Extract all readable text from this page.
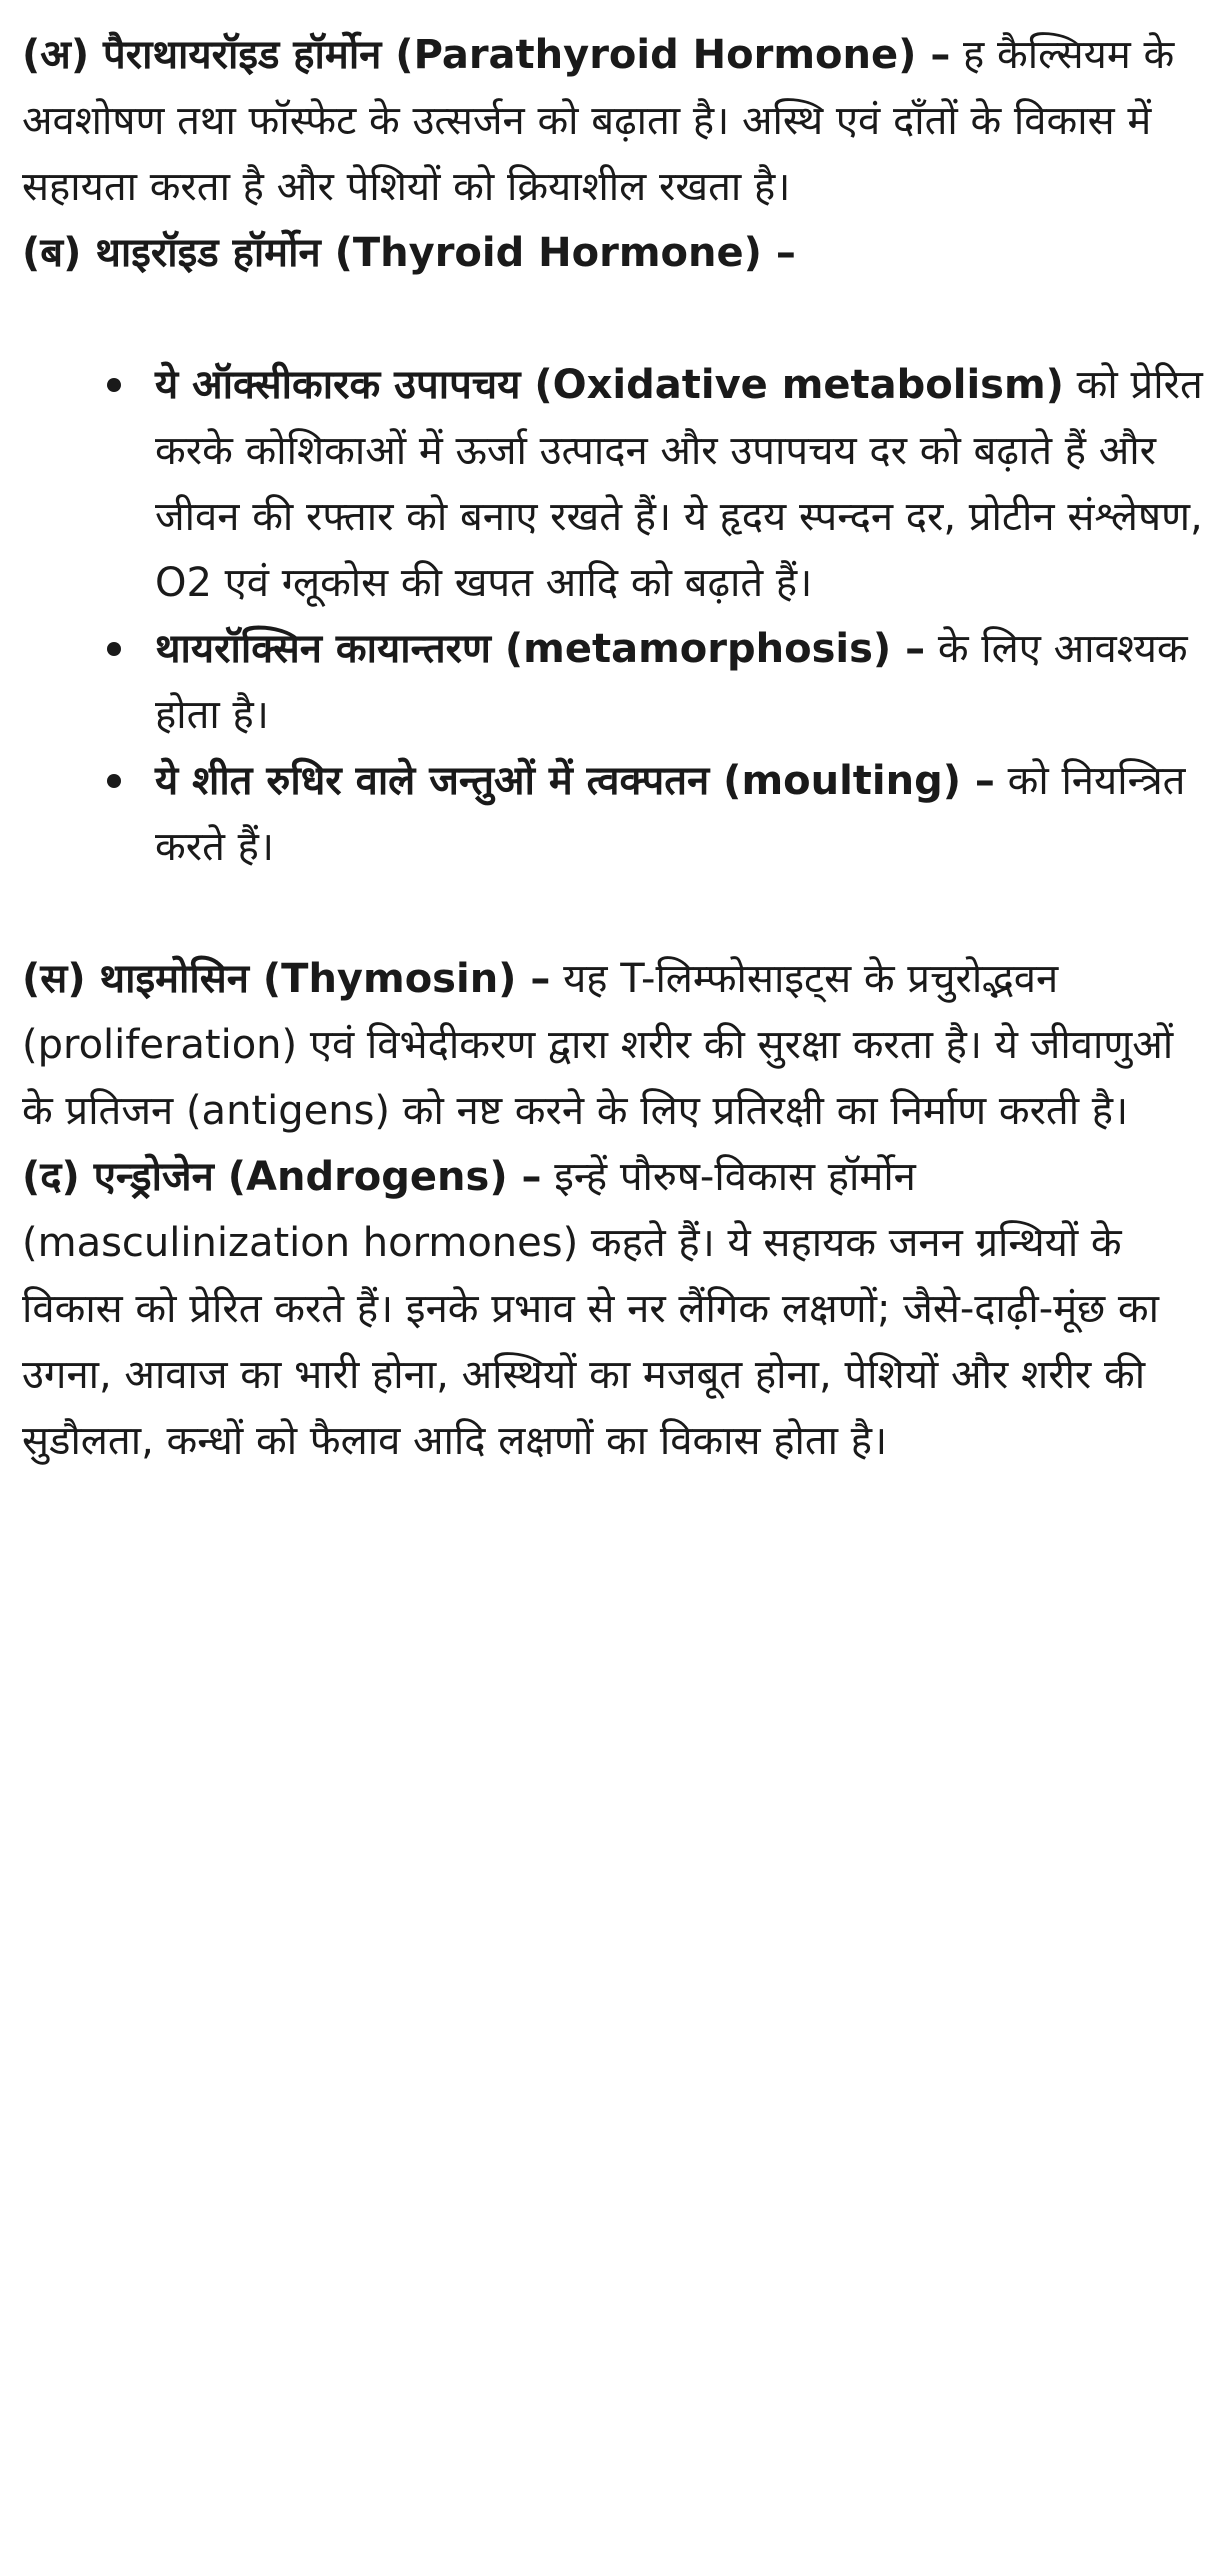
(अ) पैराथायरॉइड हॉर्मोन (Parathyroid Hormone) – ह कैल्सियम के अवशोषण तथा फॉस्फेट के उत्सर्जन को बढ़ाता है। अस्थि एवं दाँतों के विकास में सहायता करता है और पेशियों को क्रियाशील रखता है।

(ब) थाइरॉइड हॉर्मोन (Thyroid Hormone) –

ये ऑक्सीकारक उपापचय (Oxidative metabolism) को प्रेरित करके कोशिकाओं में ऊर्जा उत्पादन और उपापचय दर को बढ़ाते हैं और जीवन की रफ्तार को बनाए रखते हैं। ये हृदय स्पन्दन दर, प्रोटीन संश्लेषण, O2 एवं ग्लूकोस की खपत आदि को बढ़ाते हैं।
थायरॉक्सिन कायान्तरण (metamorphosis) – के लिए आवश्यक होता है।
ये शीत रुधिर वाले जन्तुओं में त्वक्पतन (moulting) – को नियन्त्रित करते हैं।

(स) थाइमोसिन (Thymosin) – यह T-लिम्फोसाइट्स के प्रचुरोद्भवन (proliferation) एवं विभेदीकरण द्वारा शरीर की सुरक्षा करता है। ये जीवाणुओं के प्रतिजन (antigens) को नष्ट करने के लिए प्रतिरक्षी का निर्माण करती है।

(द) एन्ड्रोजेन (Androgens) – इन्हें पौरुष-विकास हॉर्मोन (masculinization hormones) कहते हैं। ये सहायक जनन ग्रन्थियों के विकास को प्रेरित करते हैं। इनके प्रभाव से नर लैंगिक लक्षणों; जैसे-दाढ़ी-मूंछ का उगना, आवाज का भारी होना, अस्थियों का मजबूत होना, पेशियों और शरीर की सुडौलता, कन्धों को फैलाव आदि लक्षणों का विकास होता है।
